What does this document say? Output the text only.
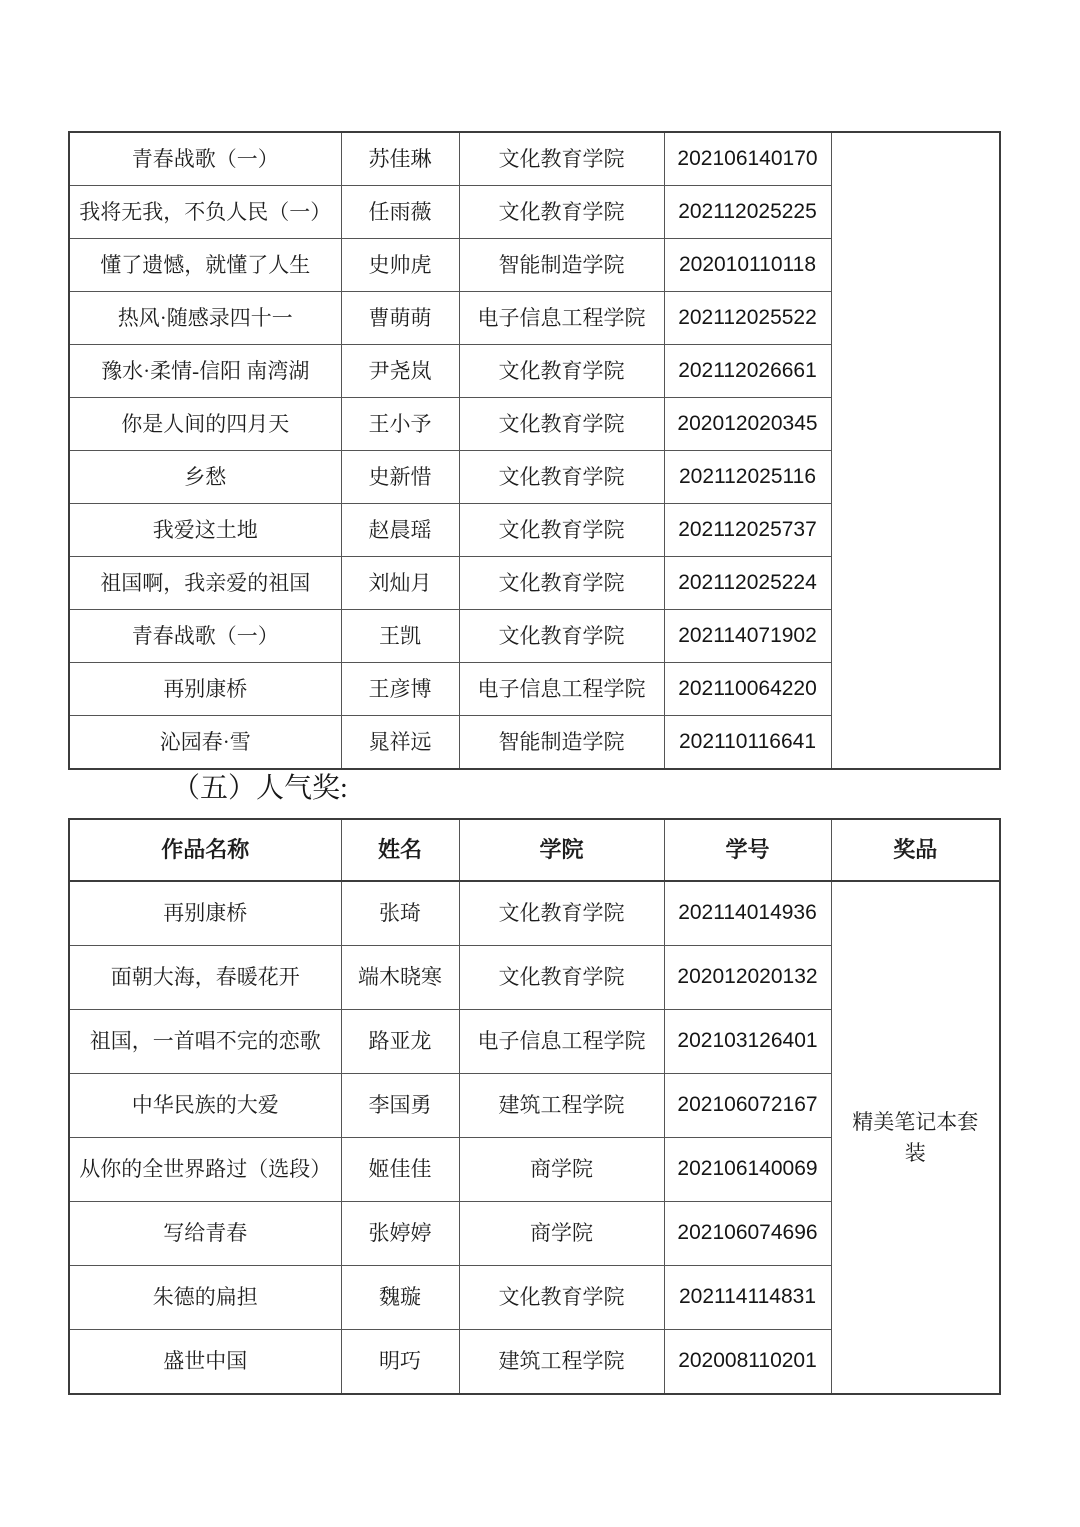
青春战歌（一）	苏佳琳	文化教育学院	202106140170	
我将无我，不负人民（一）	任雨薇	文化教育学院	202112025225	
懂了遗憾，就懂了人生	史帅虎	智能制造学院	202010110118	
热风·随感录四十一	曹萌萌	电子信息工程学院	202112025522	
豫水·柔情-信阳 南湾湖	尹尧岚	文化教育学院	202112026661	
你是人间的四月天	王小予	文化教育学院	202012020345	
乡愁	史新惜	文化教育学院	202112025116	
我爱这土地	赵晨瑶	文化教育学院	202112025737	
祖国啊，我亲爱的祖国	刘灿月	文化教育学院	202112025224	
青春战歌（一）	王凯	文化教育学院	202114071902	
再别康桥	王彦博	电子信息工程学院	202110064220	
沁园春·雪	晁祥远	智能制造学院	202110116641	
（五）人气奖:
作品名称	姓名	学院	学号	奖品
再别康桥	张琦	文化教育学院	202114014936	精美笔记本套装
面朝大海，春暖花开	端木晓寒	文化教育学院	202012020132	
祖国，一首唱不完的恋歌	路亚龙	电子信息工程学院	202103126401	
中华民族的大爱	李国勇	建筑工程学院	202106072167	
从你的全世界路过（选段）	姬佳佳	商学院	202106140069	
写给青春	张婷婷	商学院	202106074696	
朱德的扁担	魏璇	文化教育学院	202114114831	
盛世中国	明巧	建筑工程学院	202008110201	
